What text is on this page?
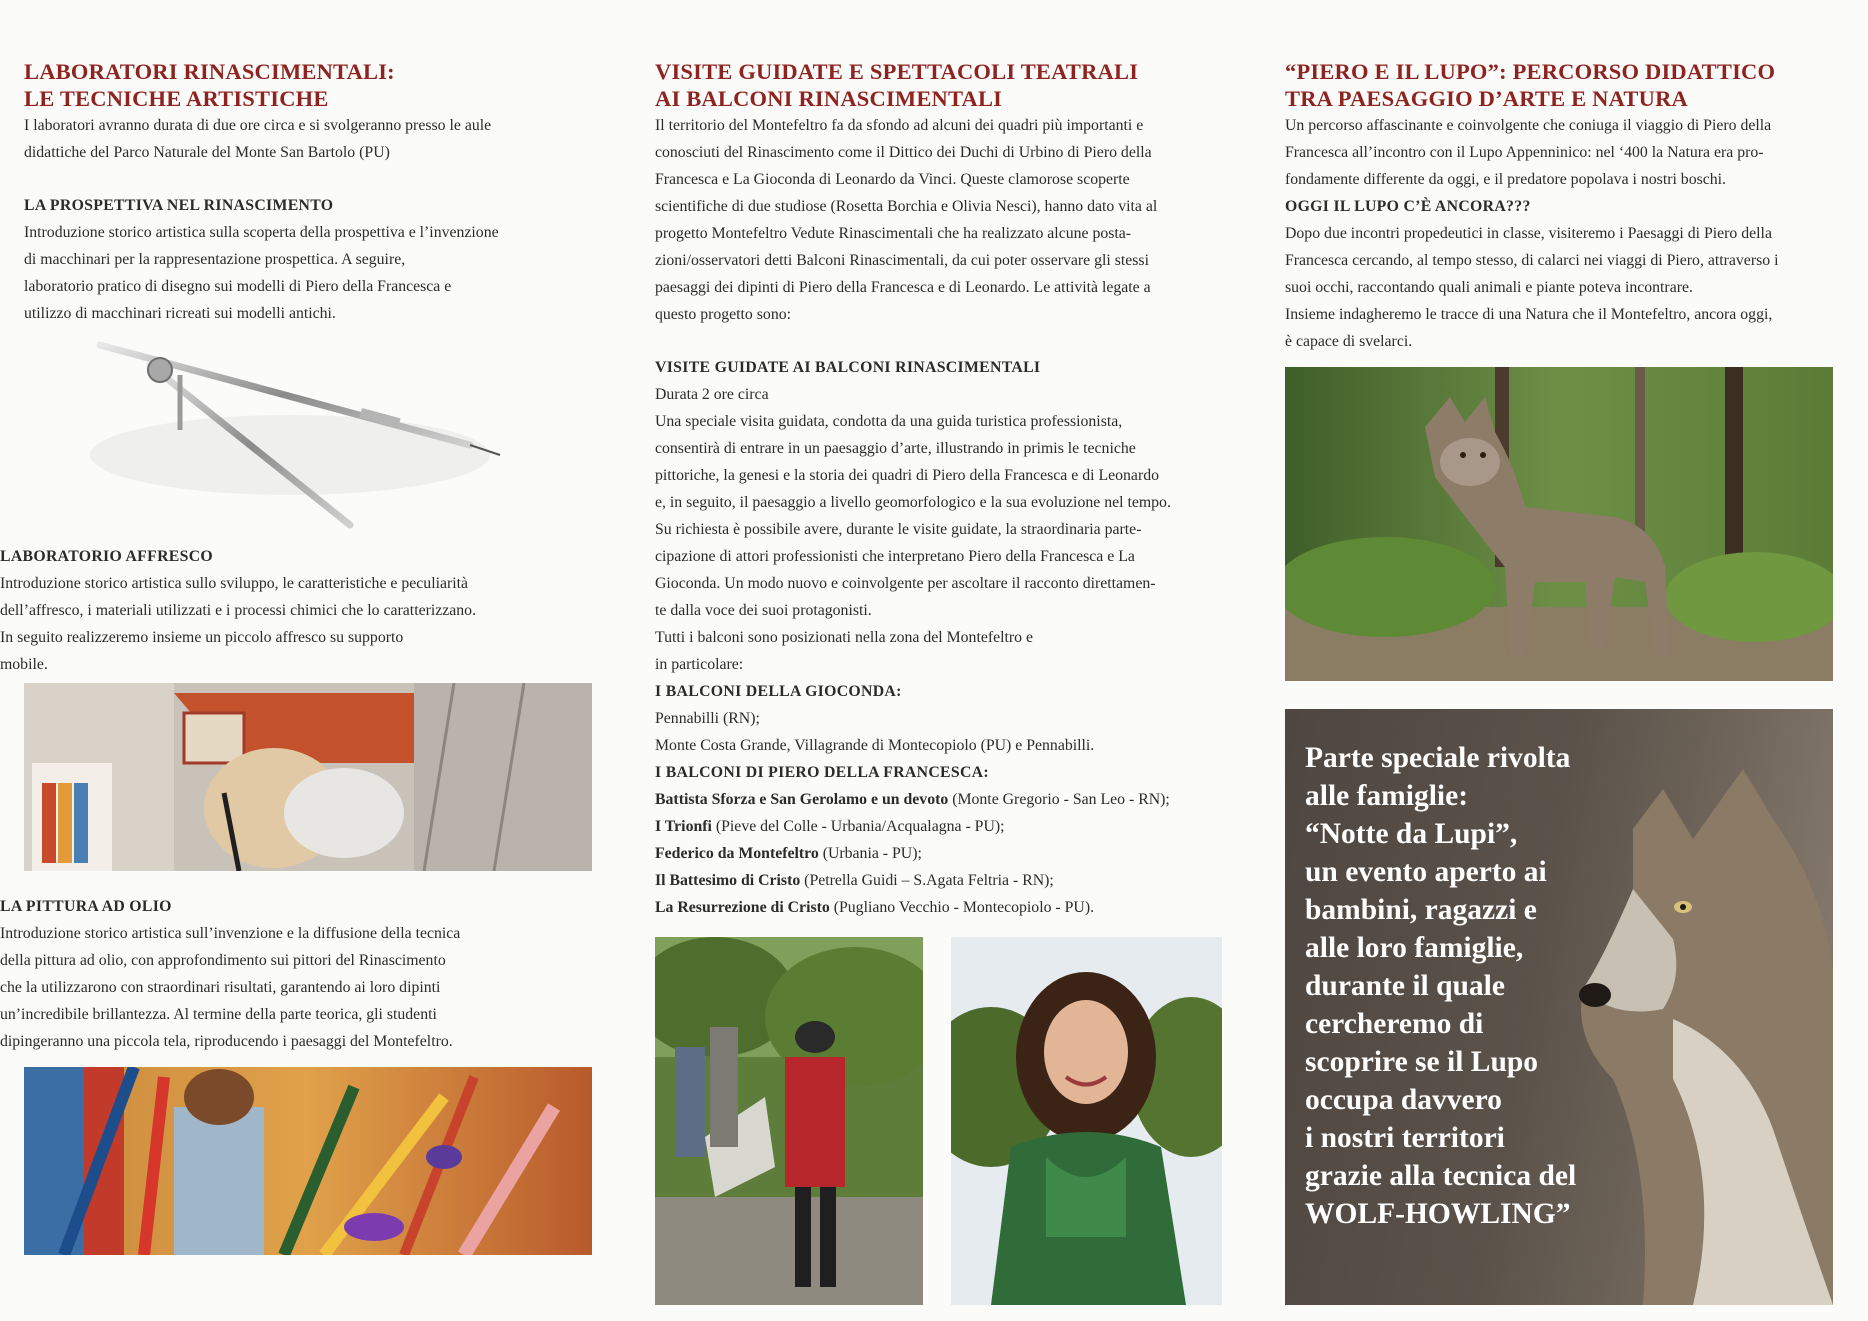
LABORATORI RINASCIMENTALI:
LE TECNICHE ARTISTICHE

I laboratori avranno durata di due ore circa e si svolgeranno presso le aule

didattiche del Parco Naturale del Monte San Bartolo (PU)

LA PROSPETTIVA NEL RINASCIMENTO

Introduzione storico artistica sulla scoperta della prospettiva e l’invenzione

di macchinari per la rappresentazione prospettica. A seguire,

laboratorio pratico di disegno sui modelli di Piero della Francesca e

utilizzo di macchinari ricreati sui modelli antichi.

LABORATORIO AFFRESCO

Introduzione storico artistica sullo sviluppo, le caratteristiche e peculiarità

dell’affresco, i materiali utilizzati e i processi chimici che lo caratterizzano.

In seguito realizzeremo insieme un piccolo affresco su supporto

mobile.

LA PITTURA AD OLIO

Introduzione storico artistica sull’invenzione e la diffusione della tecnica

della pittura ad olio, con approfondimento sui pittori del Rinascimento

che la utilizzarono con straordinari risultati, garantendo ai loro dipinti

un’incredibile brillantezza. Al termine della parte teorica, gli studenti

dipingeranno una piccola tela, riproducendo i paesaggi del Montefeltro.

VISITE GUIDATE E SPETTACOLI TEATRALI
AI BALCONI RINASCIMENTALI

Il territorio del Montefeltro fa da sfondo ad alcuni dei quadri più importanti e

conosciuti del Rinascimento come il Dittico dei Duchi di Urbino di Piero della

Francesca e La Gioconda di Leonardo da Vinci. Queste clamorose scoperte

scientifiche di due studiose (Rosetta Borchia e Olivia Nesci), hanno dato vita al

progetto Montefeltro Vedute Rinascimentali che ha realizzato alcune posta-

zioni/osservatori detti Balconi Rinascimentali, da cui poter osservare gli stessi

paesaggi dei dipinti di Piero della Francesca e di Leonardo. Le attività legate a

questo progetto sono:

VISITE GUIDATE AI BALCONI RINASCIMENTALI

Durata 2 ore circa

Una speciale visita guidata, condotta da una guida turistica professionista,

consentirà di entrare in un paesaggio d’arte, illustrando in primis le tecniche

pittoriche, la genesi e la storia dei quadri di Piero della Francesca e di Leonardo

e, in seguito, il paesaggio a livello geomorfologico e la sua evoluzione nel tempo.

Su richiesta è possibile avere, durante le visite guidate, la straordinaria parte-

cipazione di attori professionisti che interpretano Piero della Francesca e La

Gioconda. Un modo nuovo e coinvolgente per ascoltare il racconto direttamen-

te dalla voce dei suoi protagonisti.

Tutti i balconi sono posizionati nella zona del Montefeltro e

in particolare:

I BALCONI DELLA GIOCONDA:

Pennabilli (RN);

Monte Costa Grande, Villagrande di Montecopiolo (PU) e Pennabilli.

I BALCONI DI PIERO DELLA FRANCESCA:

Battista Sforza e San Gerolamo e un devoto (Monte Gregorio - San Leo - RN);

I Trionfi (Pieve del Colle - Urbania/Acqualagna - PU);

Federico da Montefeltro (Urbania - PU);

Il Battesimo di Cristo (Petrella Guidi – S.Agata Feltria - RN);

La Resurrezione di Cristo (Pugliano Vecchio - Montecopiolo - PU).

“PIERO E IL LUPO”: PERCORSO DIDATTICO
TRA PAESAGGIO D’ARTE E NATURA

Un percorso affascinante e coinvolgente che coniuga il viaggio di Piero della

Francesca all’incontro con il Lupo Appenninico: nel ‘400 la Natura era pro-

fondamente differente da oggi, e il predatore popolava i nostri boschi.

OGGI IL LUPO C’È ANCORA???

Dopo due incontri propedeutici in classe, visiteremo i Paesaggi di Piero della

Francesca cercando, al tempo stesso, di calarci nei viaggi di Piero, attraverso i

suoi occhi, raccontando quali animali e piante poteva incontrare.

Insieme indagheremo le tracce di una Natura che il Montefeltro, ancora oggi,

è capace di svelarci.

Parte speciale rivolta
alle famiglie:
“Notte da Lupi”,
un evento aperto ai
bambini, ragazzi e
alle loro famiglie,
durante il quale
cercheremo di
scoprire se il Lupo
occupa davvero
i nostri territori
grazie alla tecnica del
WOLF-HOWLING”
